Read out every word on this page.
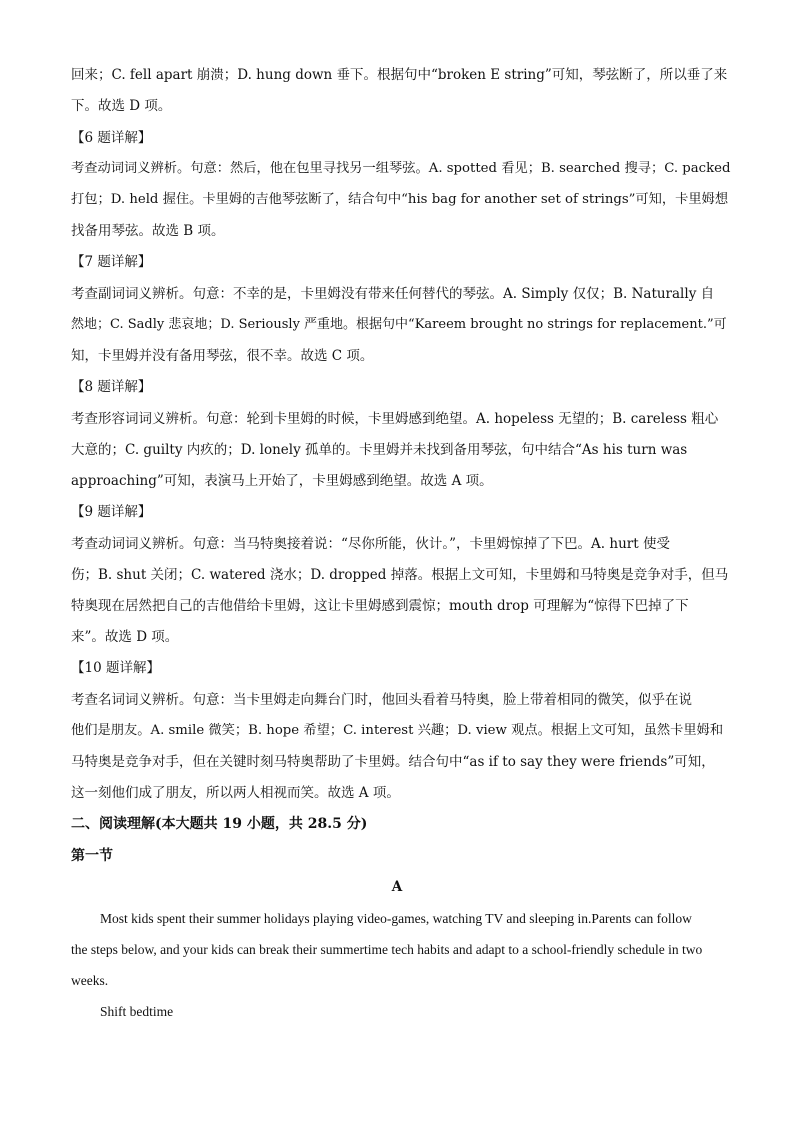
回来；C. fell apart 崩溃；D. hung down 垂下。根据句中“broken E string”可知，琴弦断了，所以垂了来
下。故选 D 项。
【6 题详解】
考查动词词义辨析。句意：然后，他在包里寻找另一组琴弦。A. spotted 看见；B. searched 搜寻；C. packed
打包；D. held 握住。卡里姆的吉他琴弦断了，结合句中“his bag for another set of strings”可知，卡里姆想
找备用琴弦。故选 B 项。
【7 题详解】
考查副词词义辨析。句意：不幸的是，卡里姆没有带来任何替代的琴弦。A. Simply 仅仅；B. Naturally 自
然地；C. Sadly 悲哀地；D. Seriously 严重地。根据句中“Kareem brought no strings for replacement.”可
知，卡里姆并没有备用琴弦，很不幸。故选 C 项。
【8 题详解】
考查形容词词义辨析。句意：轮到卡里姆的时候，卡里姆感到绝望。A. hopeless 无望的；B. careless 粗心
大意的；C. guilty 内疚的；D. lonely 孤单的。卡里姆并未找到备用琴弦，句中结合“As his turn was
approaching”可知，表演马上开始了，卡里姆感到绝望。故选 A 项。
【9 题详解】
考查动词词义辨析。句意：当马特奥接着说：“尽你所能，伙计。”，卡里姆惊掉了下巴。A. hurt 使受
伤；B. shut 关闭；C. watered 浇水；D. dropped 掉落。根据上文可知，卡里姆和马特奥是竞争对手，但马
特奥现在居然把自己的吉他借给卡里姆，这让卡里姆感到震惊；mouth drop 可理解为“惊得下巴掉了下
来”。故选 D 项。
【10 题详解】
考查名词词义辨析。句意：当卡里姆走向舞台门时，他回头看着马特奥，脸上带着相同的微笑，似乎在说
他们是朋友。A. smile 微笑；B. hope 希望；C. interest 兴趣；D. view 观点。根据上文可知，虽然卡里姆和
马特奥是竞争对手，但在关键时刻马特奥帮助了卡里姆。结合句中“as if to say they were friends”可知，
这一刻他们成了朋友，所以两人相视而笑。故选 A 项。
二、阅读理解(本大题共 19 小题，共 28.5 分)
第一节
A
Most kids spent their summer holidays playing video-games, watching TV and sleeping in.Parents can follow
the steps below, and your kids can break their summertime tech habits and adapt to a school-friendly schedule in two
weeks.
Shift bedtime
